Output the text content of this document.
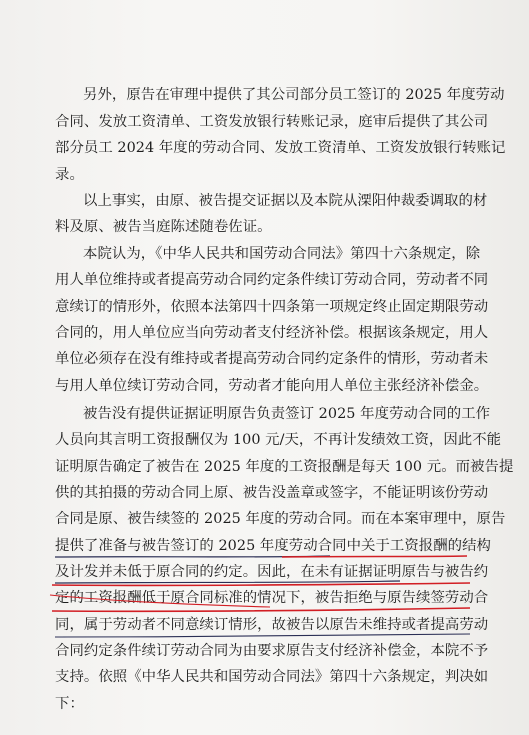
另外，原告在审理中提供了其公司部分员工签订的 2025 年度劳动
合同、发放工资清单、工资发放银行转账记录，庭审后提供了其公司
部分员工 2024 年度的劳动合同、发放工资清单、工资发放银行转账记
录。
以上事实，由原、被告提交证据以及本院从溧阳仲裁委调取的材
料及原、被告当庭陈述随卷佐证。
本院认为，《中华人民共和国劳动合同法》第四十六条规定，除
用人单位维持或者提高劳动合同约定条件续订劳动合同，劳动者不同
意续订的情形外，依照本法第四十四条第一项规定终止固定期限劳动
合同的，用人单位应当向劳动者支付经济补偿。根据该条规定，用人
单位必须存在没有维持或者提高劳动合同约定条件的情形，劳动者未
与用人单位续订劳动合同，劳动者才能向用人单位主张经济补偿金。
被告没有提供证据证明原告负责签订 2025 年度劳动合同的工作
人员向其言明工资报酬仅为 100 元/天，不再计发绩效工资，因此不能
证明原告确定了被告在 2025 年度的工资报酬是每天 100 元。而被告提
供的其拍摄的劳动合同上原、被告没盖章或签字，不能证明该份劳动
合同是原、被告续签的 2025 年度的劳动合同。而在本案审理中，原告
提供了准备与被告签订的 2025 年度劳动合同中关于工资报酬的结构
及计发并未低于原合同的约定。因此，在未有证据证明原告与被告约
定的工资报酬低于原合同标准的情况下，被告拒绝与原告续签劳动合
同，属于劳动者不同意续订情形，故被告以原告未维持或者提高劳动
合同约定条件续订劳动合同为由要求原告支付经济补偿金，本院不予
支持。依照《中华人民共和国劳动合同法》第四十六条规定，判决如
下：
